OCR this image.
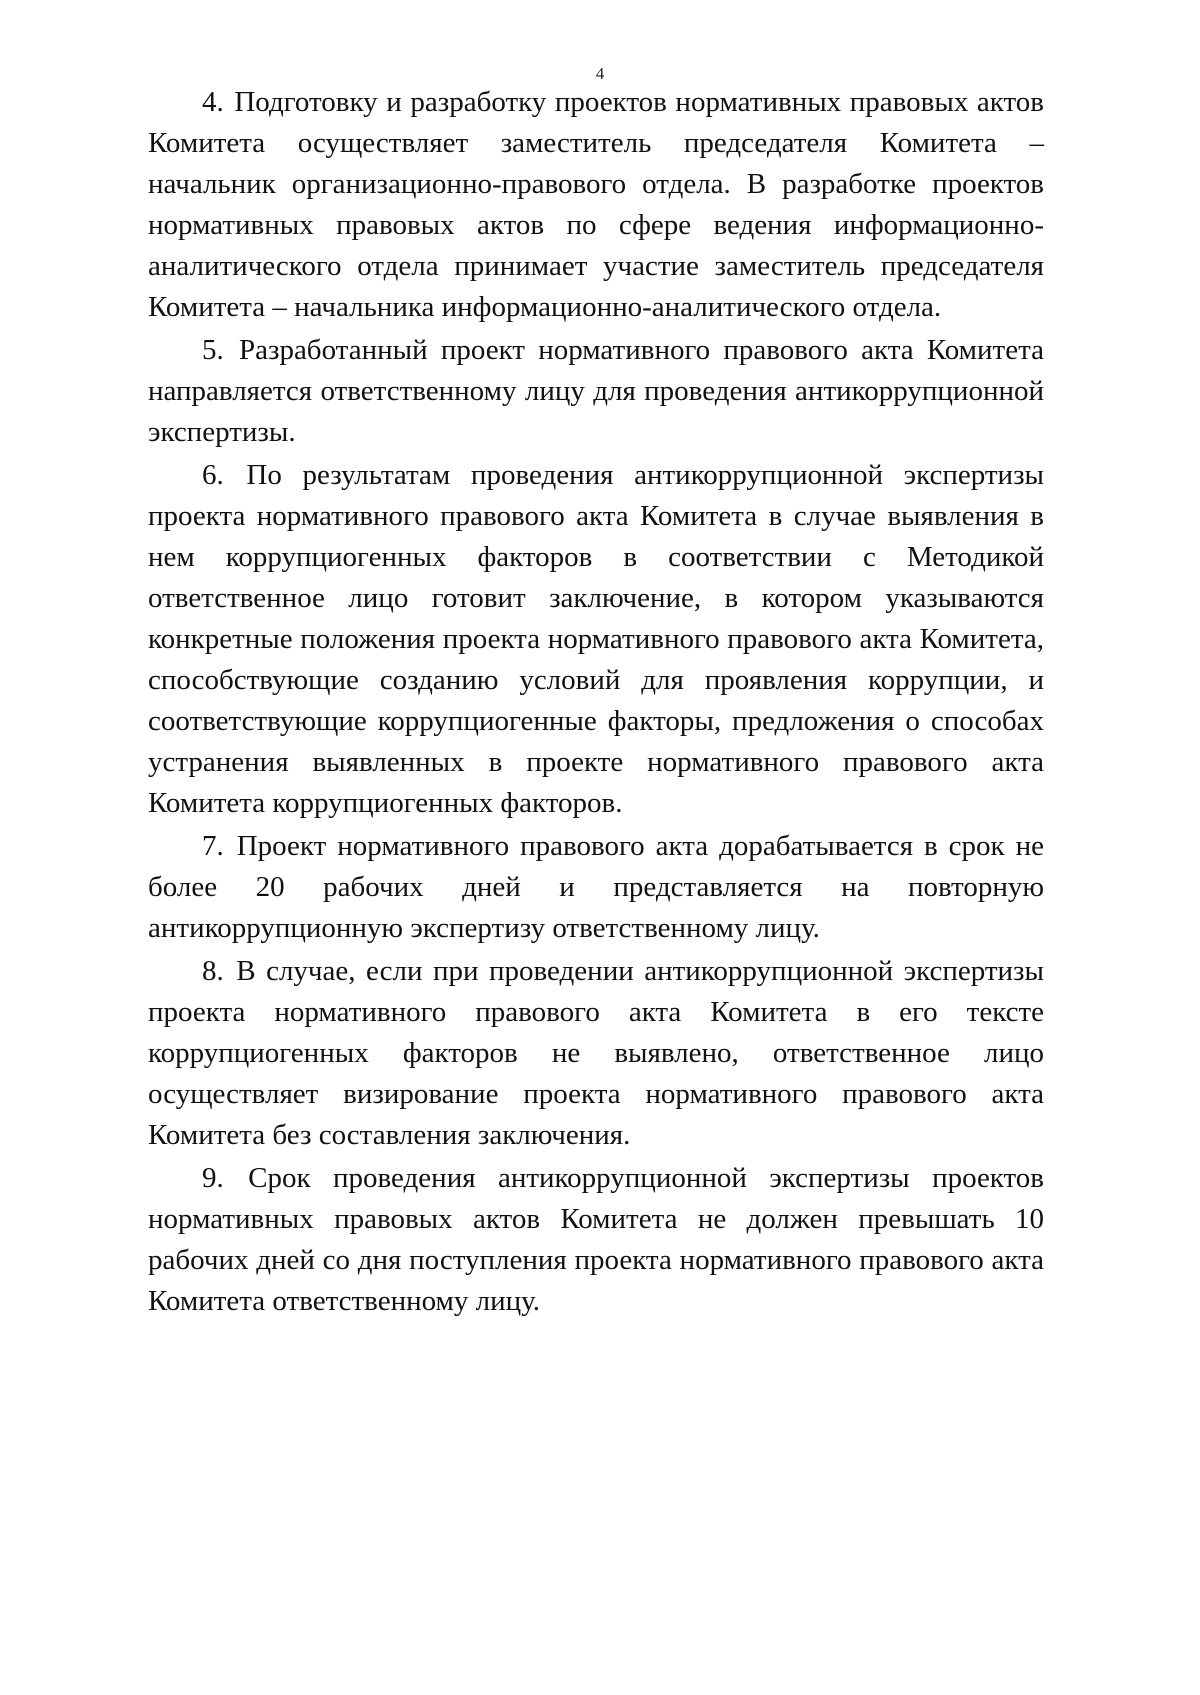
4

4. Подготовку и разработку проектов нормативных правовых актов Комитета осуществляет заместитель председателя Комитета – начальник организационно-правового отдела. В разработке проектов нормативных правовых актов по сфере ведения информационно-аналитического отдела принимает участие заместитель председателя Комитета – начальника информационно-аналитического отдела.

5. Разработанный проект нормативного правового акта Комитета направляется ответственному лицу для проведения антикоррупционной экспертизы.

6. По результатам проведения антикоррупционной экспертизы проекта нормативного правового акта Комитета в случае выявления в нем коррупциогенных факторов в соответствии с Методикой ответственное лицо готовит заключение, в котором указываются конкретные положения проекта нормативного правового акта Комитета, способствующие созданию условий для проявления коррупции, и соответствующие коррупциогенные факторы, предложения о способах устранения выявленных в проекте нормативного правового акта Комитета коррупциогенных факторов.

7. Проект нормативного правового акта дорабатывается в срок не более 20 рабочих дней и представляется на повторную антикоррупционную экспертизу ответственному лицу.

8. В случае, если при проведении антикоррупционной экспертизы проекта нормативного правового акта Комитета в его тексте коррупциогенных факторов не выявлено, ответственное лицо осуществляет визирование проекта нормативного правового акта Комитета без составления заключения.

9. Срок проведения антикоррупционной экспертизы проектов нормативных правовых актов Комитета не должен превышать 10 рабочих дней со дня поступления проекта нормативного правового акта Комитета ответственному лицу.
